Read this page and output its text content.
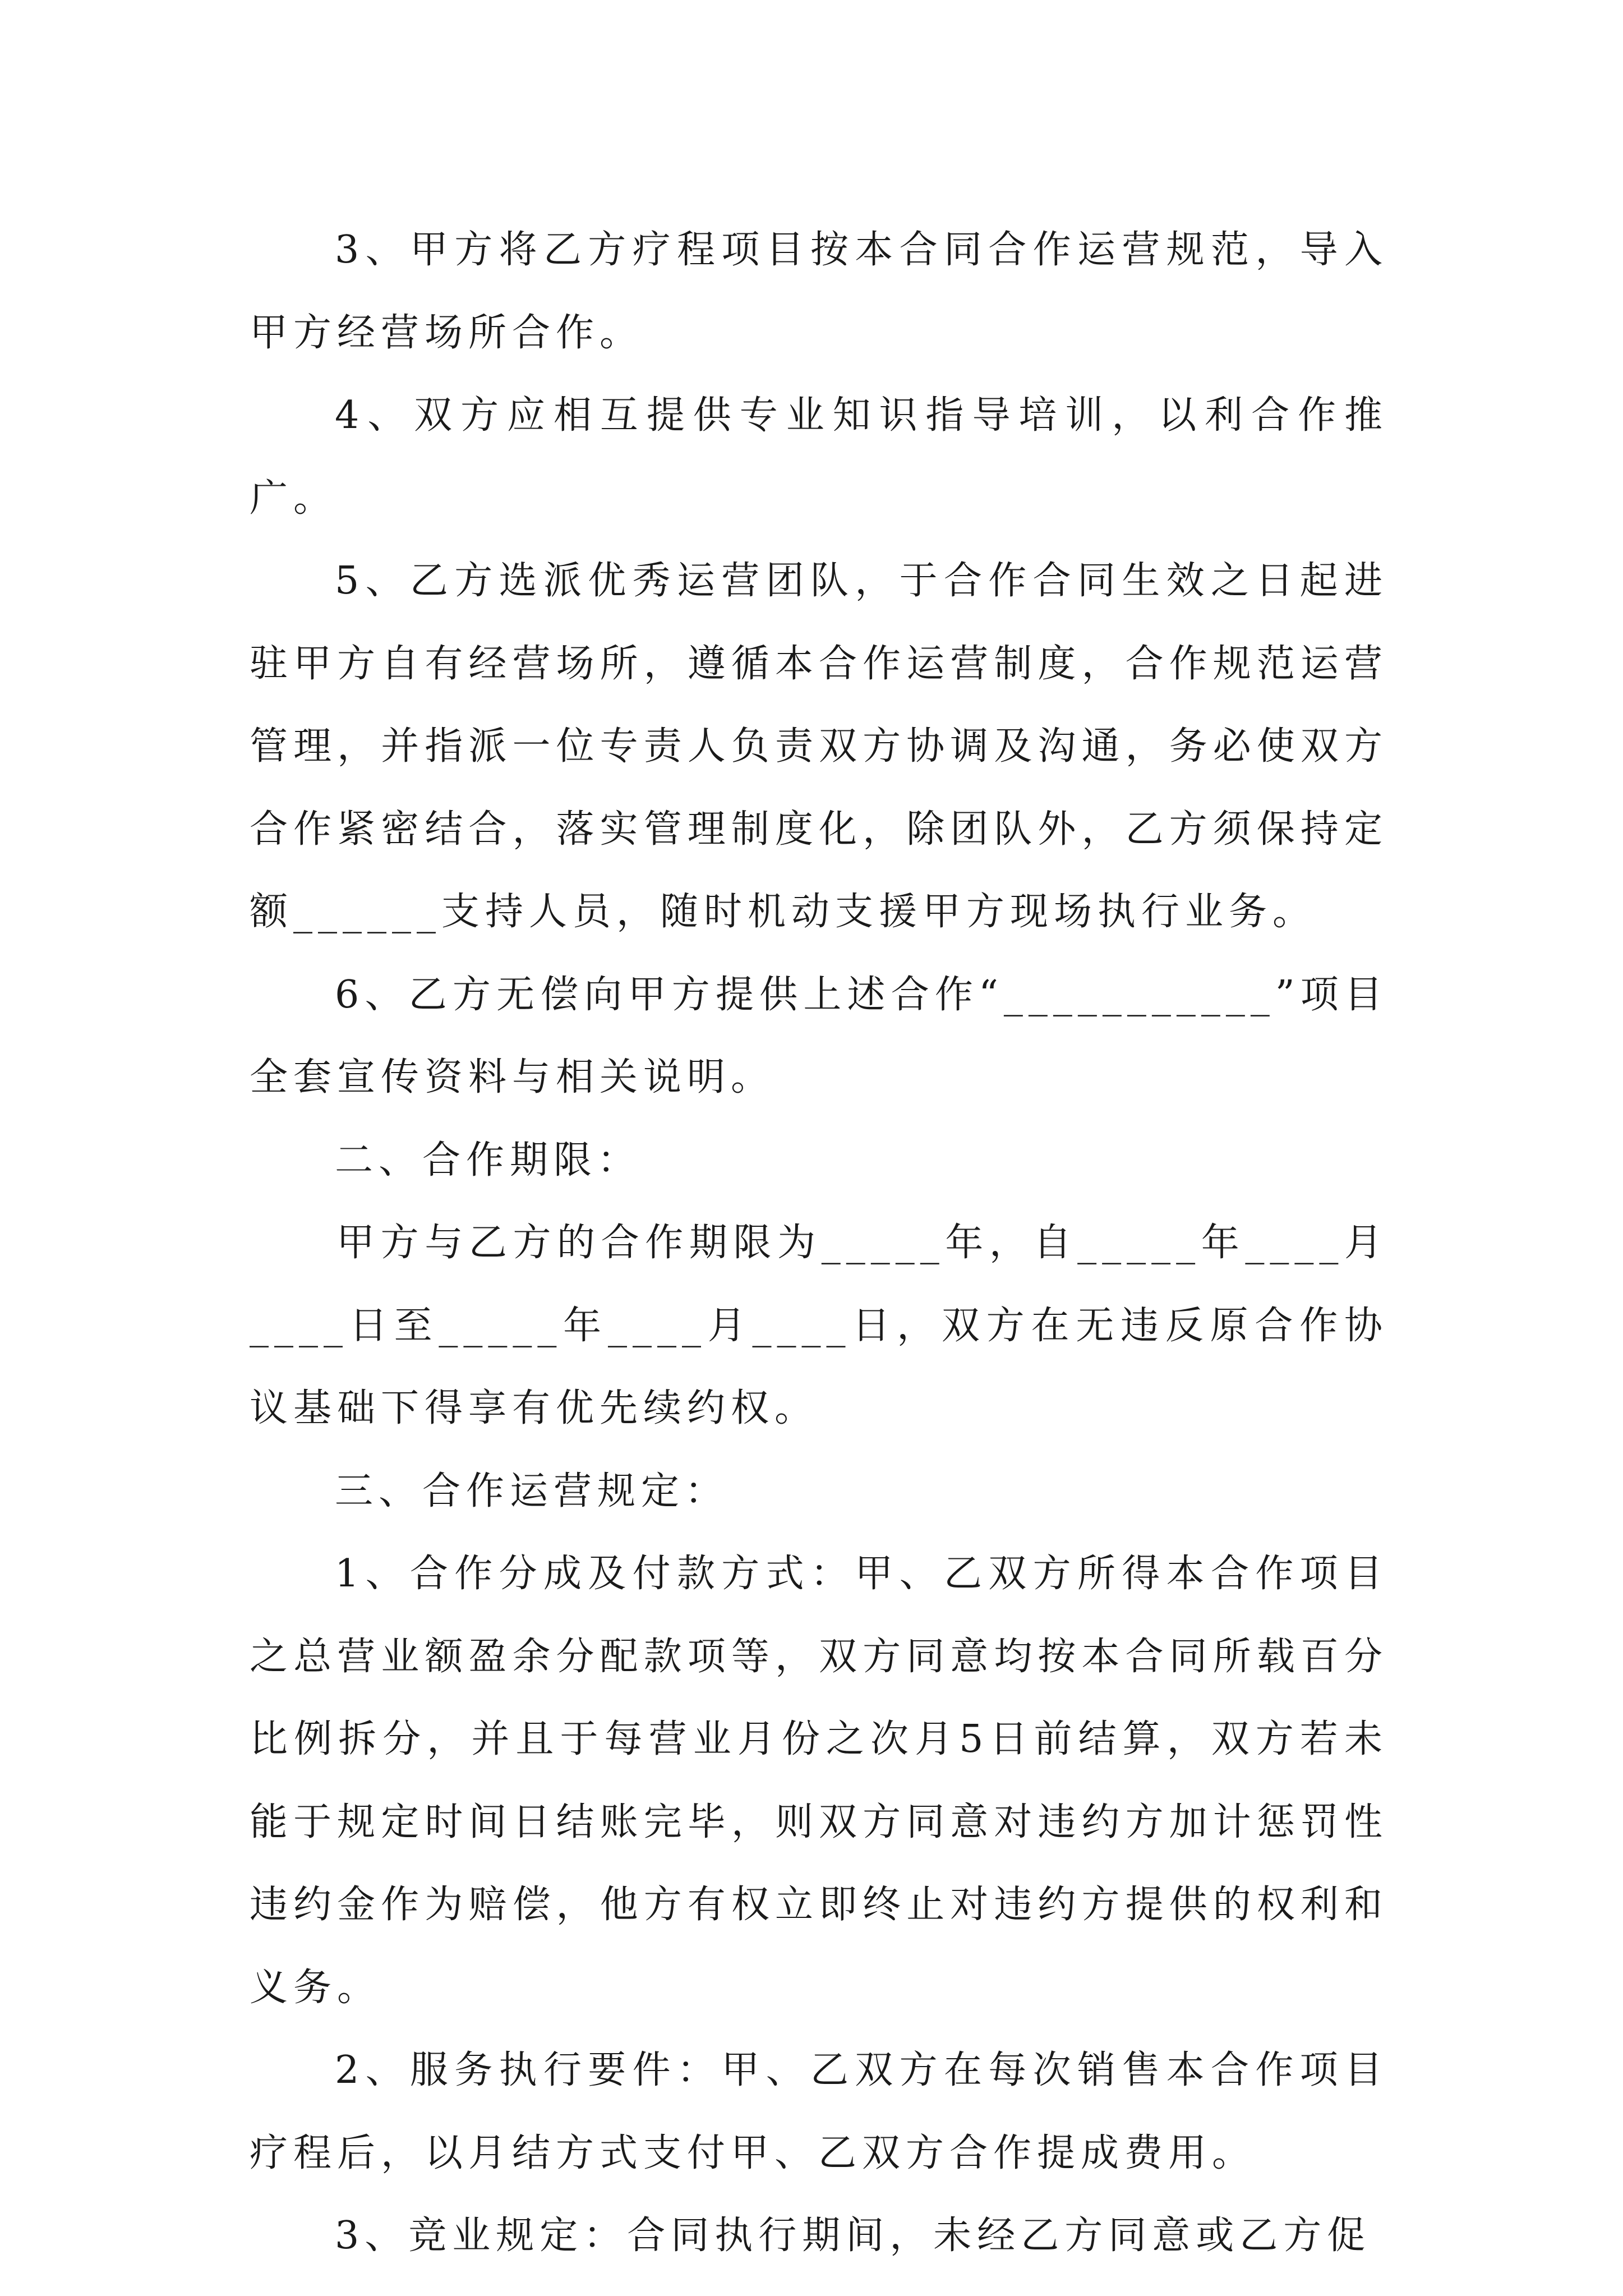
3、甲方将乙方疗程项目按本合同合作运营规范，导入甲方经营场所合作。

4、双方应相互提供专业知识指导培训，以利合作推广。

5、乙方选派优秀运营团队，于合作合同生效之日起进驻甲方自有经营场所，遵循本合作运营制度，合作规范运营管理，并指派一位专责人负责双方协调及沟通，务必使双方合作紧密结合，落实管理制度化，除团队外，乙方须保持定额______支持人员，随时机动支援甲方现场执行业务。

6、乙方无偿向甲方提供上述合作“___________”项目全套宣传资料与相关说明。

二、合作期限：

甲方与乙方的合作期限为_____年，自_____年____月____日至_____年____月____日，双方在无违反原合作协议基础下得享有优先续约权。

三、合作运营规定：

1、合作分成及付款方式：甲、乙双方所得本合作项目之总营业额盈余分配款项等，双方同意均按本合同所载百分比例拆分，并且于每营业月份之次月5日前结算，双方若未能于规定时间日结账完毕，则双方同意对违约方加计惩罚性违约金作为赔偿，他方有权立即终止对违约方提供的权利和义务。

2、服务执行要件：甲、乙双方在每次销售本合作项目疗程后，以月结方式支付甲、乙双方合作提成费用。

3、竞业规定：合同执行期间，未经乙方同意或乙方促
